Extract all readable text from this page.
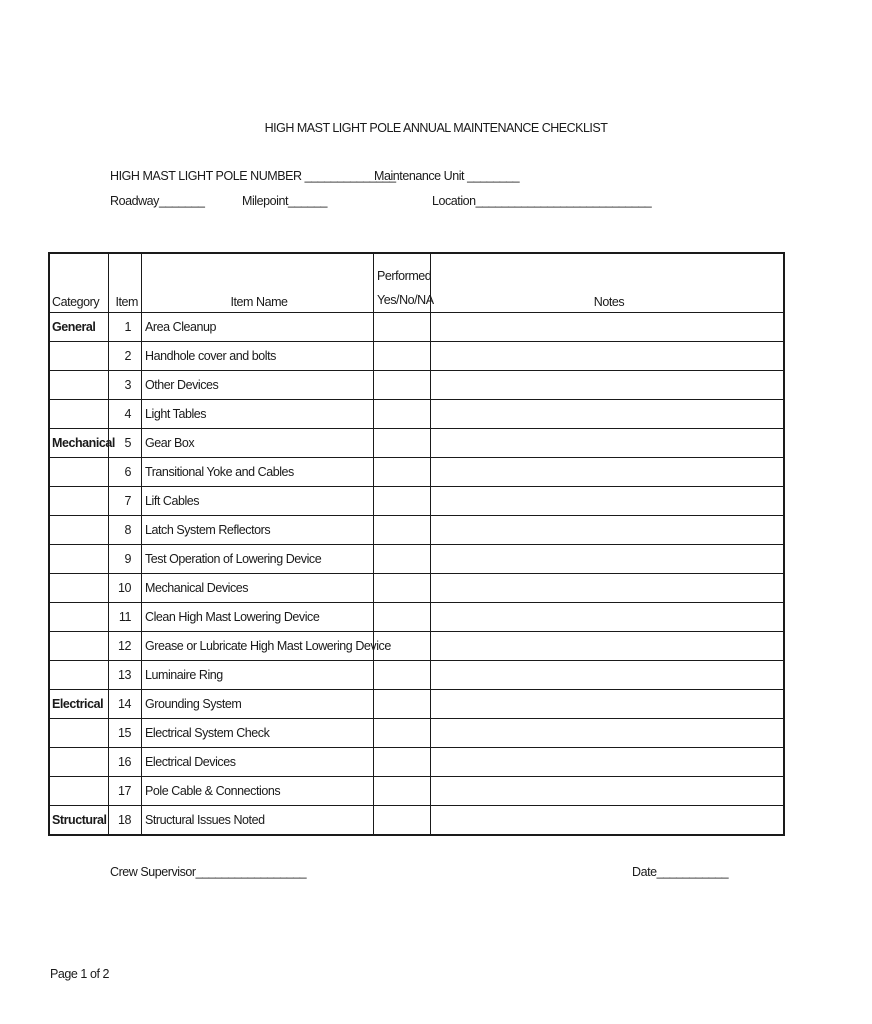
HIGH MAST LIGHT POLE ANNUAL MAINTENANCE CHECKLIST
HIGH MAST LIGHT POLE NUMBER ______________
Maintenance Unit ________
Roadway_______	Milepoint______	Location___________________________
Category	Item	Item Name	Performed Yes/No/NA	Notes
General	1	Area Cleanup		
	2	Handhole cover and bolts		
	3	Other Devices		
	4	Light Tables		
Mechanical	5	Gear Box		
	6	Transitional Yoke and Cables		
	7	Lift Cables		
	8	Latch System Reflectors		
	9	Test Operation of Lowering Device		
	10	Mechanical Devices		
	11	Clean High Mast Lowering Device		
	12	Grease or Lubricate High Mast Lowering Device		
	13	Luminaire Ring		
Electrical	14	Grounding System		
	15	Electrical System Check		
	16	Electrical Devices		
	17	Pole Cable & Connections		
Structural	18	Structural Issues Noted		
Crew Supervisor_________________	Date___________
Page 1 of 2
